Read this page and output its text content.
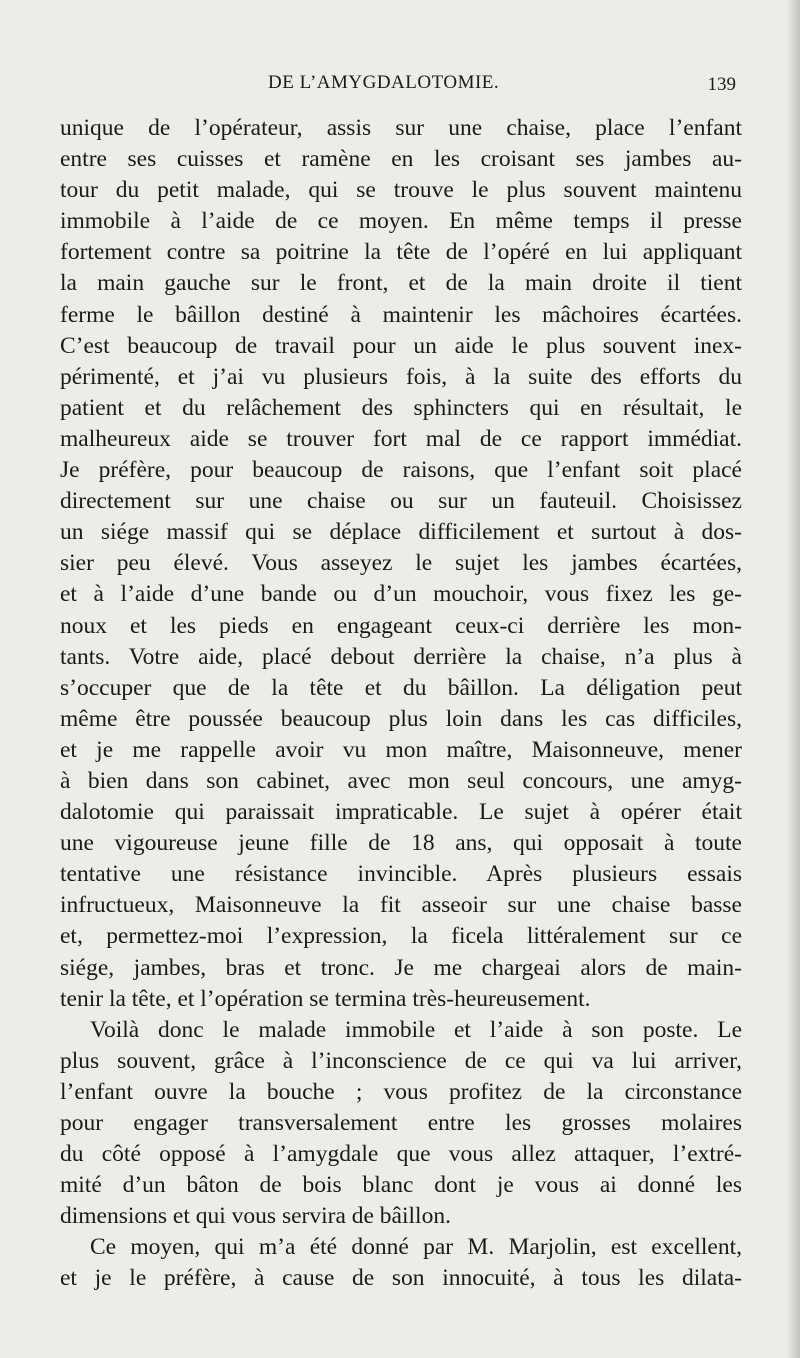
DE L’AMYGDALOTOMIE.	139
unique de l’opérateur, assis sur une chaise, place l’enfant
entre ses cuisses et ramène en les croisant ses jambes au-
tour du petit malade, qui se trouve le plus souvent maintenu
immobile à l’aide de ce moyen. En même temps il presse
fortement contre sa poitrine la tête de l’opéré en lui appliquant
la main gauche sur le front, et de la main droite il tient
ferme le bâillon destiné à maintenir les mâchoires écartées.
C’est beaucoup de travail pour un aide le plus souvent inex-
périmenté, et j’ai vu plusieurs fois, à la suite des efforts du
patient et du relâchement des sphincters qui en résultait, le
malheureux aide se trouver fort mal de ce rapport immédiat.
Je préfère, pour beaucoup de raisons, que l’enfant soit placé
directement sur une chaise ou sur un fauteuil. Choisissez
un siége massif qui se déplace difficilement et surtout à dos-
sier peu élevé. Vous asseyez le sujet les jambes écartées,
et à l’aide d’une bande ou d’un mouchoir, vous fixez les ge-
noux et les pieds en engageant ceux-ci derrière les mon-
tants. Votre aide, placé debout derrière la chaise, n’a plus à
s’occuper que de la tête et du bâillon. La déligation peut
même être poussée beaucoup plus loin dans les cas difficiles,
et je me rappelle avoir vu mon maître, Maisonneuve, mener
à bien dans son cabinet, avec mon seul concours, une amyg-
dalotomie qui paraissait impraticable. Le sujet à opérer était
une vigoureuse jeune fille de 18 ans, qui opposait à toute
tentative une résistance invincible. Après plusieurs essais
infructueux, Maisonneuve la fit asseoir sur une chaise basse
et, permettez-moi l’expression, la ficela littéralement sur ce
siége, jambes, bras et tronc. Je me chargeai alors de main-
tenir la tête, et l’opération se termina très-heureusement.
Voilà donc le malade immobile et l’aide à son poste. Le
plus souvent, grâce à l’inconscience de ce qui va lui arriver,
l’enfant ouvre la bouche ; vous profitez de la circonstance
pour engager transversalement entre les grosses molaires
du côté opposé à l’amygdale que vous allez attaquer, l’extré-
mité d’un bâton de bois blanc dont je vous ai donné les
dimensions et qui vous servira de bâillon.
Ce moyen, qui m’a été donné par M. Marjolin, est excellent,
et je le préfère, à cause de son innocuité, à tous les dilata-
